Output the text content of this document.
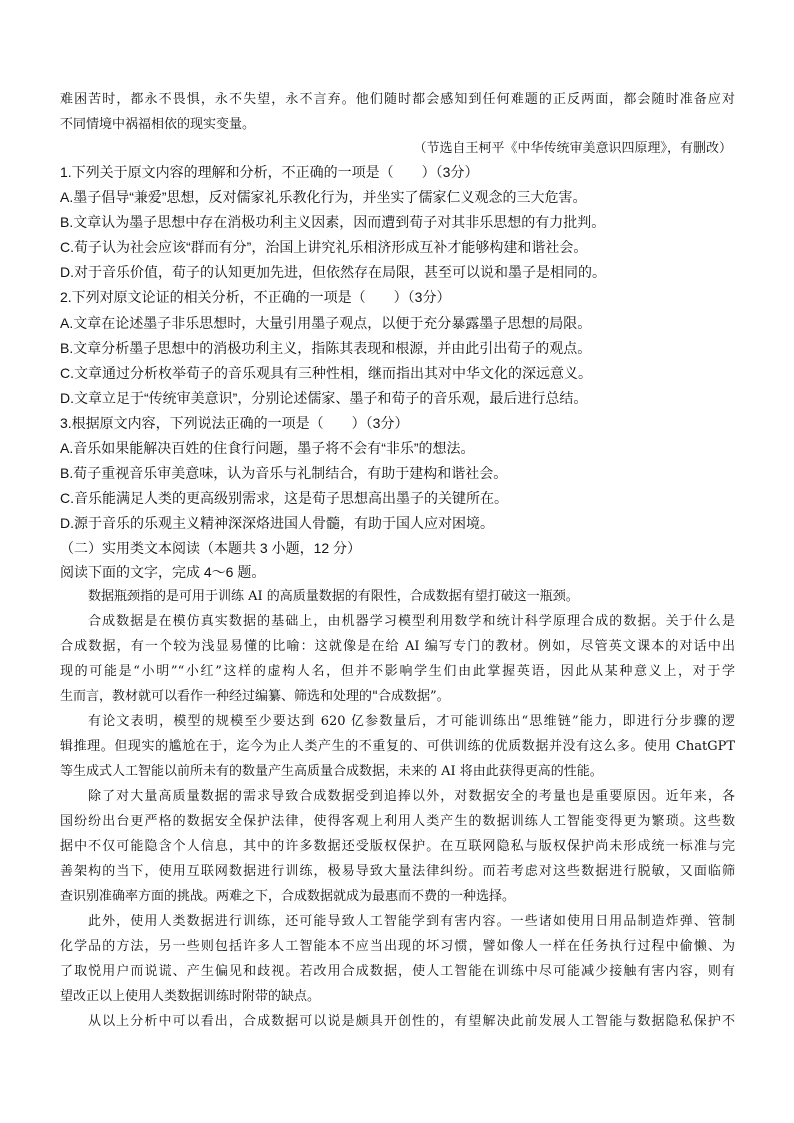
难困苦时，都永不畏惧，永不失望，永不言弃。他们随时都会感知到任何难题的正反两面，都会随时准备应对
不同情境中祸福相依的现实变量。
（节选自王柯平《中华传统审美意识四原理》，有删改）
1.下列关于原文内容的理解和分析，不正确的一项是（　　）（3分）
A.墨子倡导“兼爱”思想，反对儒家礼乐教化行为，并坐实了儒家仁义观念的三大危害。
B.文章认为墨子思想中存在消极功利主义因素，因而遭到荀子对其非乐思想的有力批判。
C.荀子认为社会应该“群而有分”，治国上讲究礼乐相济形成互补才能够构建和谐社会。
D.对于音乐价值，荀子的认知更加先进，但依然存在局限，甚至可以说和墨子是相同的。
2.下列对原文论证的相关分析，不正确的一项是（　　）（3分）
A.文章在论述墨子非乐思想时，大量引用墨子观点，以便于充分暴露墨子思想的局限。
B.文章分析墨子思想中的消极功利主义，指陈其表现和根源，并由此引出荀子的观点。
C.文章通过分析枚举荀子的音乐观具有三种性相，继而指出其对中华文化的深远意义。
D.文章立足于“传统审美意识”，分别论述儒家、墨子和荀子的音乐观，最后进行总结。
3.根据原文内容，下列说法正确的一项是（　　）（3分）
A.音乐如果能解决百姓的住食行问题，墨子将不会有“非乐”的想法。
B.荀子重视音乐审美意味，认为音乐与礼制结合，有助于建构和谐社会。
C.音乐能满足人类的更高级别需求，这是荀子思想高出墨子的关键所在。
D.源于音乐的乐观主义精神深深烙进国人骨髓，有助于国人应对困境。
（二）实用类文本阅读（本题共 3 小题，12 分）
阅读下面的文字，完成 4～6 题。
数据瓶颈指的是可用于训练 AI 的高质量数据的有限性，合成数据有望打破这一瓶颈。
合成数据是在模仿真实数据的基础上，由机器学习模型利用数学和统计科学原理合成的数据。关于什么是
合成数据，有一个较为浅显易懂的比喻：这就像是在给 AI 编写专门的教材。例如，尽管英文课本的对话中出
现的可能是“小明”“小红”这样的虚构人名，但并不影响学生们由此掌握英语，因此从某种意义上，对于学
生而言，教材就可以看作一种经过编纂、筛选和处理的"合成数据”。
有论文表明，模型的规模至少要达到 620 亿参数量后，才可能训练出“思维链”能力，即进行分步骤的逻
辑推理。但现实的尴尬在于，迄今为止人类产生的不重复的、可供训练的优质数据并没有这么多。使用 ChatGPT
等生成式人工智能以前所未有的数量产生高质量合成数据，未来的 AI 将由此获得更高的性能。
除了对大量高质量数据的需求导致合成数据受到追捧以外，对数据安全的考量也是重要原因。近年来，各
国纷纷出台更严格的数据安全保护法律，使得客观上利用人类产生的数据训练人工智能变得更为繁琐。这些数
据中不仅可能隐含个人信息，其中的许多数据还受版权保护。在互联网隐私与版权保护尚未形成统一标准与完
善架构的当下，使用互联网数据进行训练，极易导致大量法律纠纷。而若考虑对这些数据进行脱敏，又面临筛
查识别准确率方面的挑战。两难之下，合成数据就成为最惠而不费的一种选择。
此外，使用人类数据进行训练，还可能导致人工智能学到有害内容。一些诸如使用日用品制造炸弹、管制
化学品的方法，另一些则包括许多人工智能本不应当出现的坏习惯，譬如像人一样在任务执行过程中偷懒、为
了取悦用户而说谎、产生偏见和歧视。若改用合成数据，使人工智能在训练中尽可能减少接触有害内容，则有
望改正以上使用人类数据训练时附带的缺点。
从以上分析中可以看出，合成数据可以说是颇具开创性的，有望解决此前发展人工智能与数据隐私保护不
